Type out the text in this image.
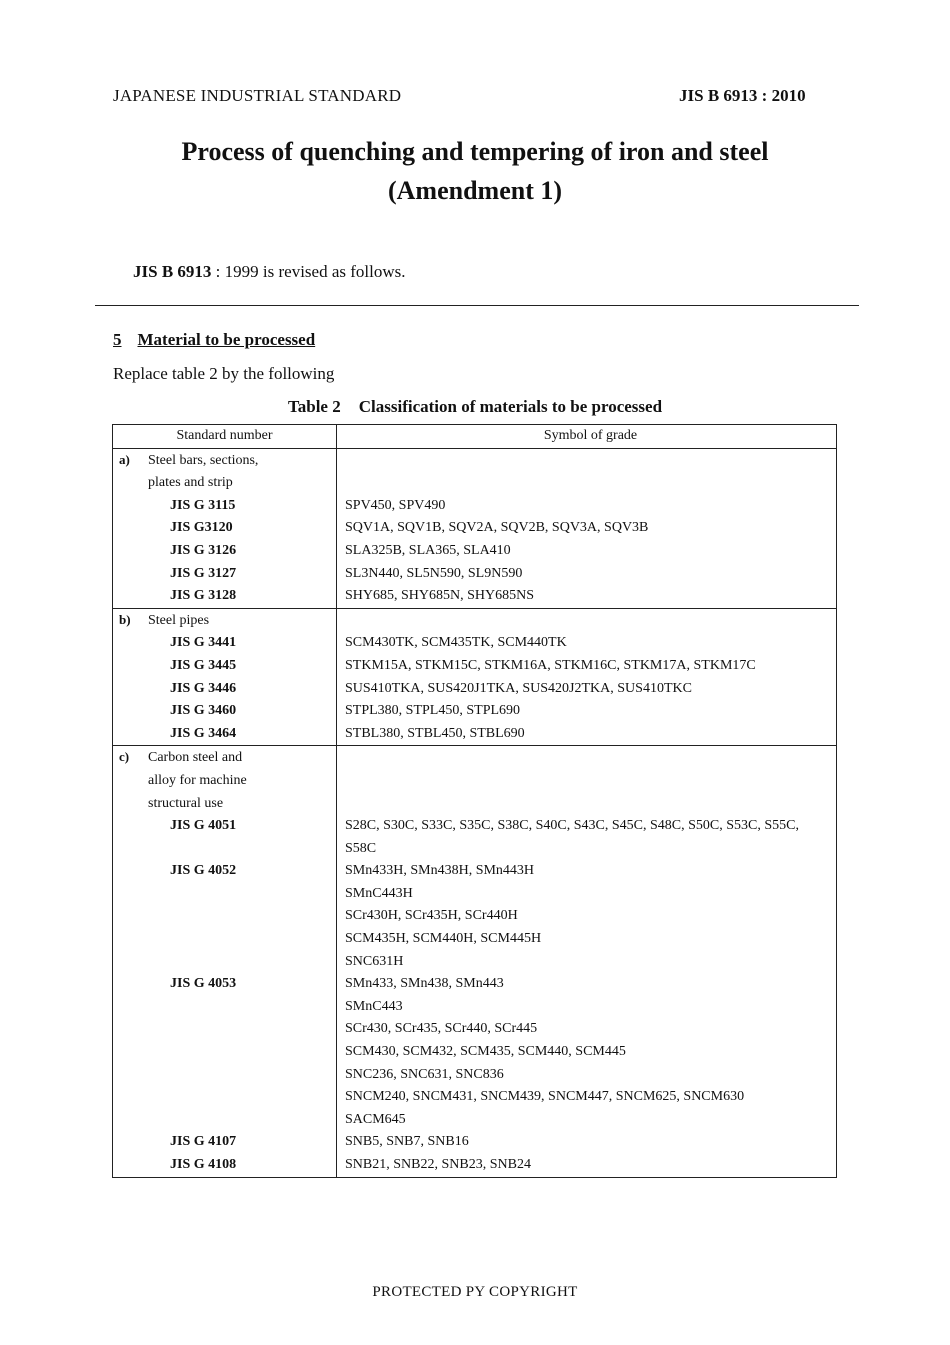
JAPANESE INDUSTRIAL STANDARD	JIS B 6913 : 2010
Process of quenching and tempering of iron and steel
(Amendment 1)
JIS B 6913 : 1999 is revised as follows.
5 Material to be processed
Replace table 2 by the following
Table 2 Classification of materials to be processed
Standard number	Symbol of grade
a) Steel bars, sections,	
plates and strip	

JIS G 3115	SPV450, SPV490

JIS G3120	SQV1A, SQV1B, SQV2A, SQV2B, SQV3A, SQV3B

JIS G 3126	SLA325B, SLA365, SLA410

JIS G 3127	SL3N440, SL5N590, SL9N590

JIS G 3128	SHY685, SHY685N, SHY685NS
b) Steel pipes	

JIS G 3441	SCM430TK, SCM435TK, SCM440TK

JIS G 3445	STKM15A, STKM15C, STKM16A, STKM16C, STKM17A, STKM17C

JIS G 3446	SUS410TKA, SUS420J1TKA, SUS420J2TKA, SUS410TKC

JIS G 3460	STPL380, STPL450, STPL690

JIS G 3464	STBL380, STBL450, STBL690
c) Carbon steel and	
alloy for machine	
structural use	

JIS G 4051	S28C, S30C, S33C, S35C, S38C, S40C, S43C, S45C, S48C, S50C, S53C, S55C,
	S58C

JIS G 4052	SMn433H, SMn438H, SMn443H
	SMnC443H
	SCr430H, SCr435H, SCr440H
	SCM435H, SCM440H, SCM445H
	SNC631H

JIS G 4053	SMn433, SMn438, SMn443
	SMnC443
	SCr430, SCr435, SCr440, SCr445
	SCM430, SCM432, SCM435, SCM440, SCM445
	SNC236, SNC631, SNC836
	SNCM240, SNCM431, SNCM439, SNCM447, SNCM625, SNCM630
	SACM645

JIS G 4107	SNB5, SNB7, SNB16

JIS G 4108	SNB21, SNB22, SNB23, SNB24
PROTECTED PY COPYRIGHT
